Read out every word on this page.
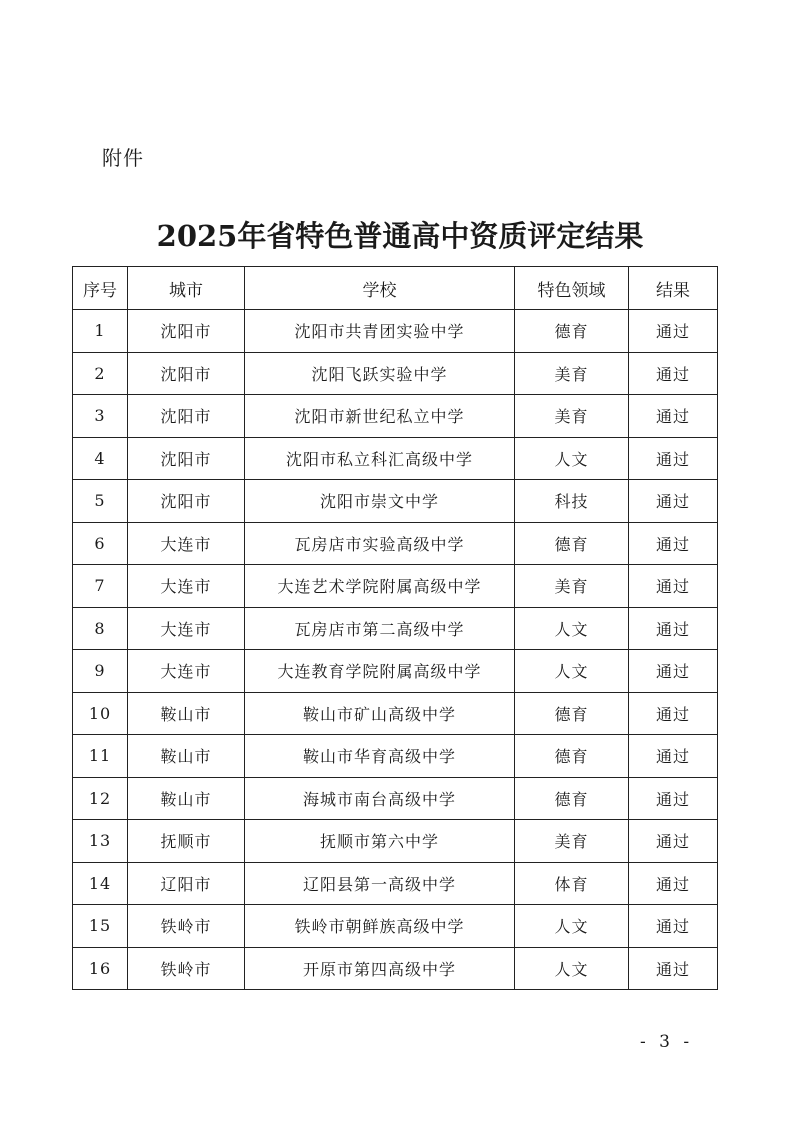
附件
2025年省特色普通高中资质评定结果
序号	城市	学校	特色领域	结果
1	沈阳市	沈阳市共青团实验中学	德育	通过
2	沈阳市	沈阳飞跃实验中学	美育	通过
3	沈阳市	沈阳市新世纪私立中学	美育	通过
4	沈阳市	沈阳市私立科汇高级中学	人文	通过
5	沈阳市	沈阳市崇文中学	科技	通过
6	大连市	瓦房店市实验高级中学	德育	通过
7	大连市	大连艺术学院附属高级中学	美育	通过
8	大连市	瓦房店市第二高级中学	人文	通过
9	大连市	大连教育学院附属高级中学	人文	通过
10	鞍山市	鞍山市矿山高级中学	德育	通过
11	鞍山市	鞍山市华育高级中学	德育	通过
12	鞍山市	海城市南台高级中学	德育	通过
13	抚顺市	抚顺市第六中学	美育	通过
14	辽阳市	辽阳县第一高级中学	体育	通过
15	铁岭市	铁岭市朝鲜族高级中学	人文	通过
16	铁岭市	开原市第四高级中学	人文	通过
- 3 -
